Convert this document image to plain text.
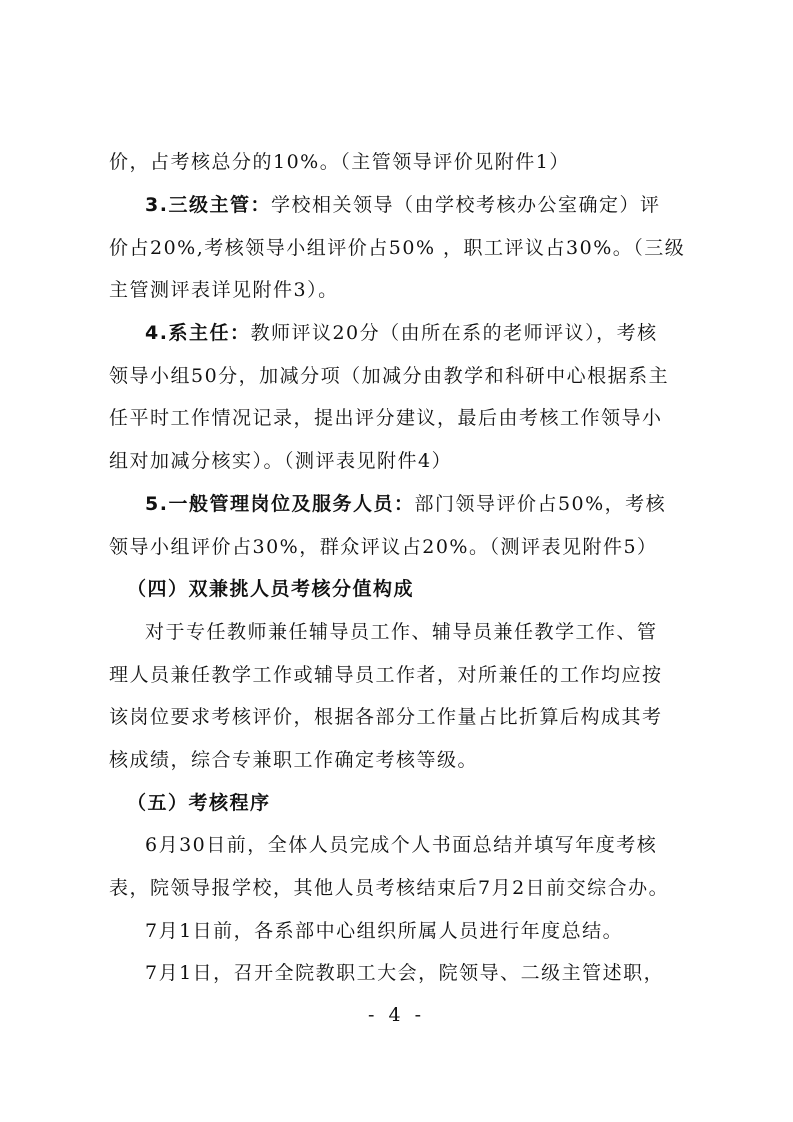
价，占考核总分的10%。（主管领导评价见附件1）
3.三级主管：学校相关领导（由学校考核办公室确定）评
价占20%,考核领导小组评价占50% ，职工评议占30%。（三级
主管测评表详见附件3）。
4.系主任：教师评议20分（由所在系的老师评议），考核
领导小组50分，加减分项（加减分由教学和科研中心根据系主
任平时工作情况记录，提出评分建议，最后由考核工作领导小
组对加减分核实）。（测评表见附件4）
5.一般管理岗位及服务人员：部门领导评价占50%，考核
领导小组评价占30%，群众评议占20%。（测评表见附件5）
（四）双兼挑人员考核分值构成
对于专任教师兼任辅导员工作、辅导员兼任教学工作、管
理人员兼任教学工作或辅导员工作者，对所兼任的工作均应按
该岗位要求考核评价，根据各部分工作量占比折算后构成其考
核成绩，综合专兼职工作确定考核等级。
（五）考核程序
6月30日前，全体人员完成个人书面总结并填写年度考核
表，院领导报学校，其他人员考核结束后7月2日前交综合办。
7月1日前，各系部中心组织所属人员进行年度总结。
7月1日，召开全院教职工大会，院领导、二级主管述职，
- 4 -
